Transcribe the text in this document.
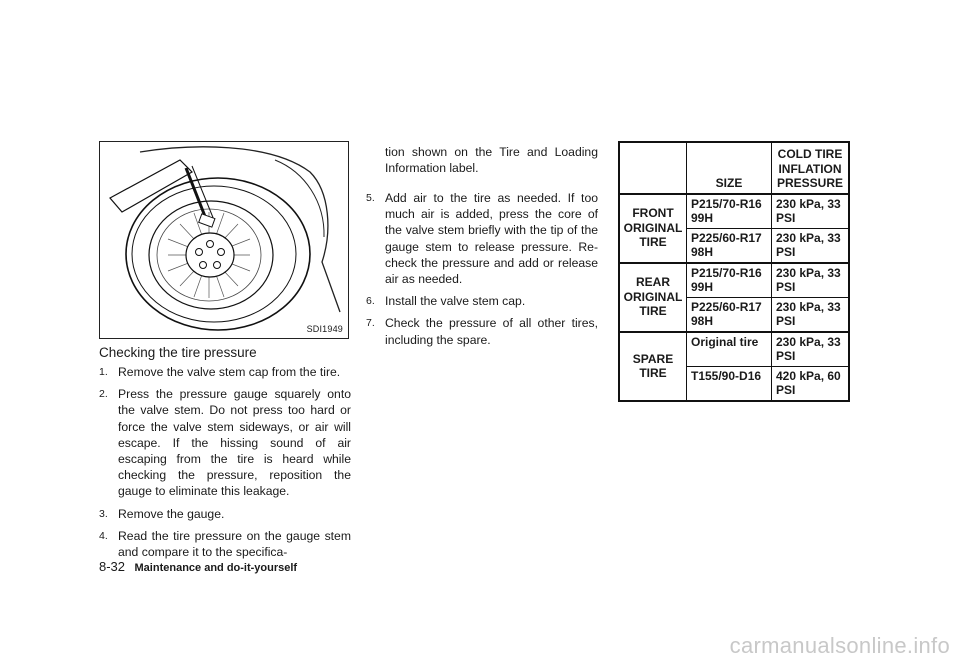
SDI1949
Checking the tire pressure
1. Remove the valve stem cap from the tire.
2. Press the pressure gauge squarely onto the valve stem. Do not press too hard or force the valve stem sideways, or air will escape. If the hissing sound of air escaping from the tire is heard while checking the pressure, reposition the gauge to eliminate this leakage.
3. Remove the gauge.
4. Read the tire pressure on the gauge stem and compare it to the specifica-
tion shown on the Tire and Loading Information label.
5. Add air to the tire as needed. If too much air is added, press the core of the valve stem briefly with the tip of the gauge stem to release pressure. Re-check the pressure and add or release air as needed.
6. Install the valve stem cap.
7. Check the pressure of all other tires, including the spare.
	SIZE	COLD TIRE INFLATION PRESSURE
FRONT ORIGINAL TIRE	P215/70-R16 99H	230 kPa, 33 PSI
	P225/60-R17 98H	230 kPa, 33 PSI
REAR ORIGINAL TIRE	P215/70-R16 99H	230 kPa, 33 PSI
	P225/60-R17 98H	230 kPa, 33 PSI
SPARE TIRE	Original tire	230 kPa, 33 PSI
	T155/90-D16	420 kPa, 60 PSI
8-32 Maintenance and do-it-yourself
carmanualsonline.info
